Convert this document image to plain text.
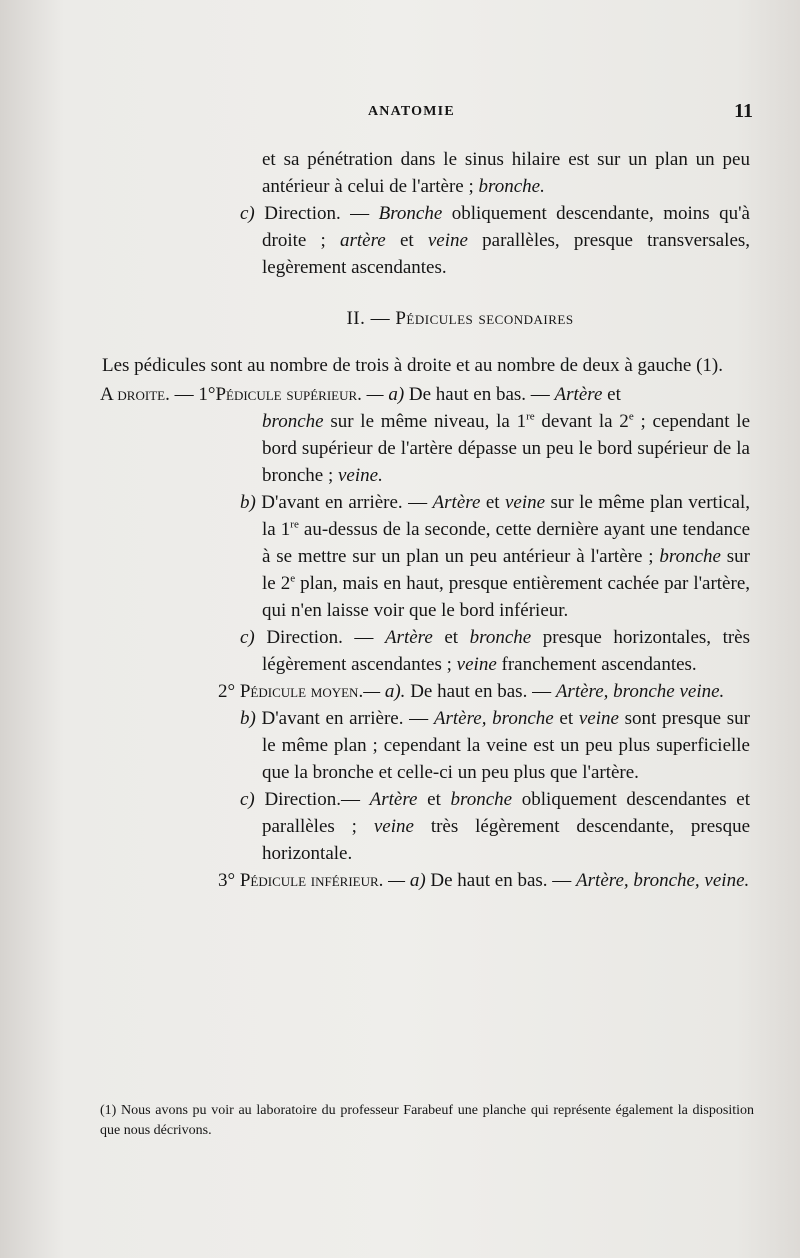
ANATOMIE	11

et sa pénétration dans le sinus hilaire est sur un plan un peu antérieur à celui de l'artère ; bronche.

c) Direction. — Bronche obliquement descendante, moins qu'à droite ; artère et veine parallèles, presque transversales, legèrement ascendantes.

II. — Pédicules secondaires

Les pédicules sont au nombre de trois à droite et au nombre de deux à gauche (1).

A droite. — 1°Pédicule supérieur. — a) De haut en bas. — Artère et

bronche sur le même niveau, la 1re devant la 2e ; cependant le bord supérieur de l'artère dépasse un peu le bord supérieur de la bronche ; veine.

b) D'avant en arrière. — Artère et veine sur le même plan vertical, la 1re au-dessus de la seconde, cette dernière ayant une tendance à se mettre sur un plan un peu antérieur à l'artère ; bronche sur le 2e plan, mais en haut, presque entièrement cachée par l'artère, qui n'en laisse voir que le bord inférieur.

c) Direction. — Artère et bronche presque horizontales, très légèrement ascendantes ; veine franchement ascendantes.

2° Pédicule moyen.— a). De haut en bas. — Artère, bronche veine.

b) D'avant en arrière. — Artère, bronche et veine sont presque sur le même plan ; cependant la veine est un peu plus superficielle que la bronche et celle-ci un peu plus que l'artère.

c) Direction.— Artère et bronche obliquement descendantes et parallèles ; veine très légèrement descendante, presque horizontale.

3° Pédicule inférieur. — a) De haut en bas. — Artère, bronche, veine.

(1) Nous avons pu voir au laboratoire du professeur Farabeuf une planche qui représente également la disposition que nous décrivons.
